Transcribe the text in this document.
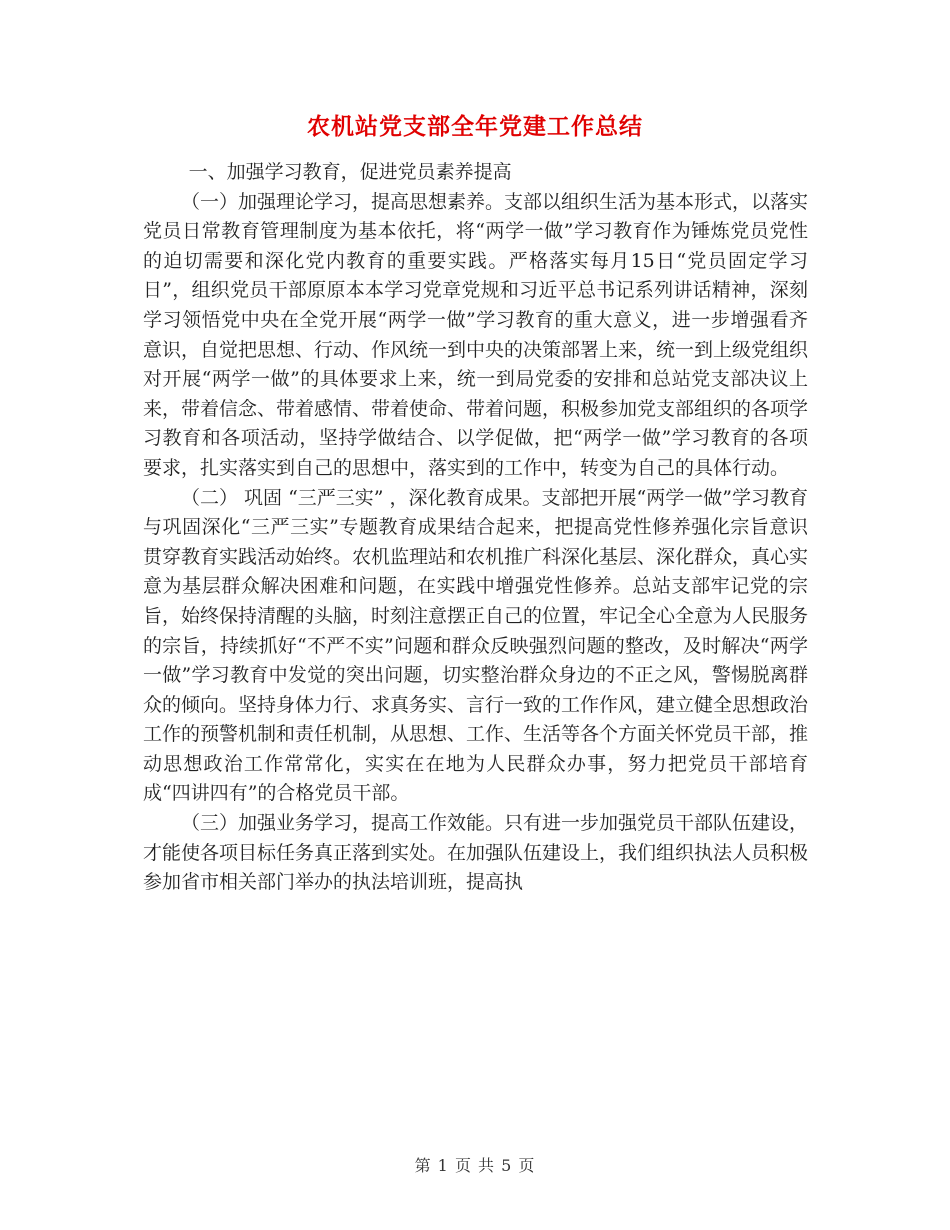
农机站党支部全年党建工作总结

一、加强学习教育，促进党员素养提高

（一）加强理论学习，提高思想素养。支部以组织生活为基本形式，以落实党员日常教育管理制度为基本依托，将“两学一做”学习教育作为锤炼党员党性的迫切需要和深化党内教育的重要实践。严格落实每月15日“党员固定学习日”，组织党员干部原原本本学习党章党规和习近平总书记系列讲话精神，深刻学习领悟党中央在全党开展“两学一做”学习教育的重大意义，进一步增强看齐意识，自觉把思想、行动、作风统一到中央的决策部署上来，统一到上级党组织对开展“两学一做”的具体要求上来，统一到局党委的安排和总站党支部决议上来，带着信念、带着感情、带着使命、带着问题，积极参加党支部组织的各项学习教育和各项活动，坚持学做结合、以学促做，把“两学一做”学习教育的各项要求，扎实落实到自己的思想中，落实到的工作中，转变为自己的具体行动。

（二） 巩固 “三严三实” ，深化教育成果。支部把开展“两学一做”学习教育与巩固深化“三严三实”专题教育成果结合起来，把提高党性修养强化宗旨意识贯穿教育实践活动始终。农机监理站和农机推广科深化基层、深化群众，真心实意为基层群众解决困难和问题，在实践中增强党性修养。总站支部牢记党的宗旨，始终保持清醒的头脑，时刻注意摆正自己的位置，牢记全心全意为人民服务的宗旨，持续抓好“不严不实”问题和群众反映强烈问题的整改，及时解决“两学一做”学习教育中发觉的突出问题，切实整治群众身边的不正之风，警惕脱离群众的倾向。坚持身体力行、求真务实、言行一致的工作作风，建立健全思想政治工作的预警机制和责任机制，从思想、工作、生活等各个方面关怀党员干部，推动思想政治工作常常化，实实在在地为人民群众办事，努力把党员干部培育成“四讲四有”的合格党员干部。

（三）加强业务学习，提高工作效能。只有进一步加强党员干部队伍建设，才能使各项目标任务真正落到实处。在加强队伍建设上，我们组织执法人员积极参加省市相关部门举办的执法培训班，提高执

第 1 页 共 5 页
